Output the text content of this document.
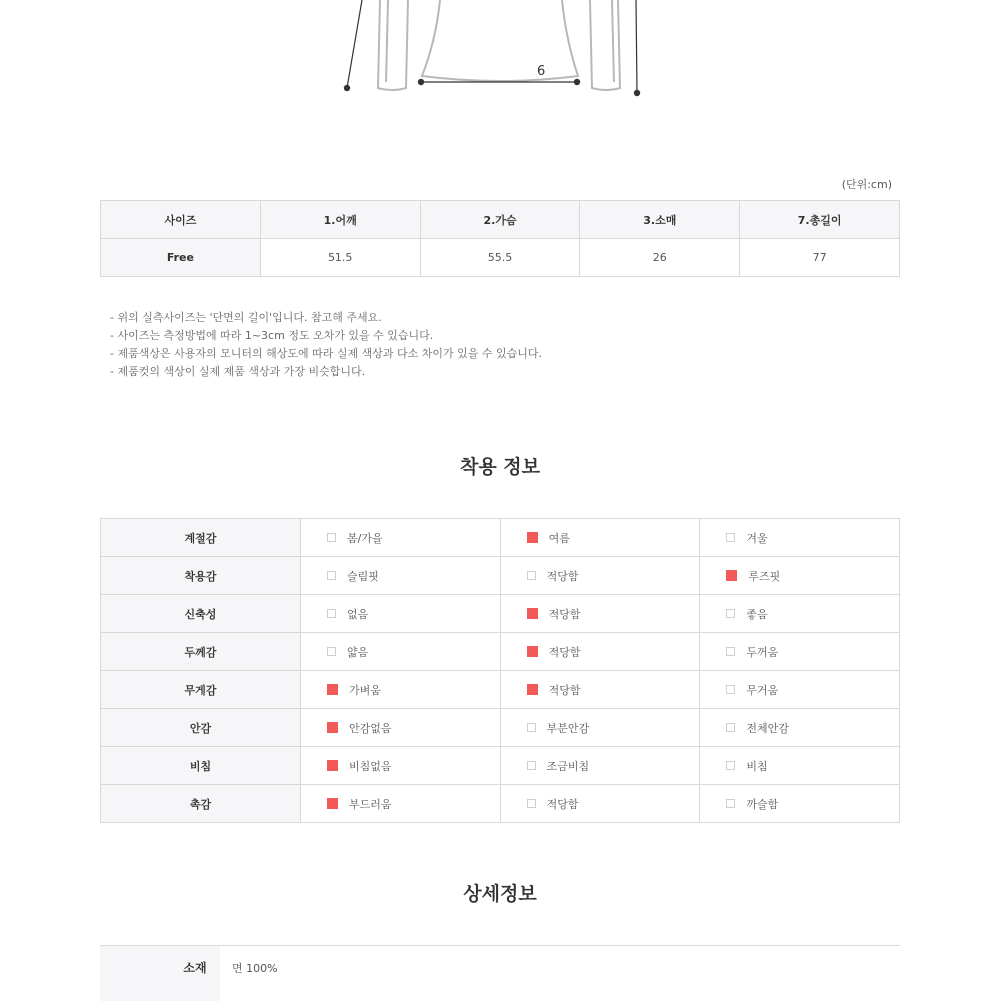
6
(단위:cm)
사이즈	1.어깨	2.가슴	3.소매	7.총길이
Free	51.5	55.5	26	77
- 위의 실측사이즈는 '단면의 길이'입니다. 참고해 주세요.
- 사이즈는 측정방법에 따라 1~3cm 정도 오차가 있을 수 있습니다.
- 제품색상은 사용자의 모니터의 해상도에 따라 실제 색상과 다소 차이가 있을 수 있습니다.
- 제품컷의 색상이 실제 제품 색상과 가장 비슷합니다.
착용 정보
계절감	봄/가을	여름	겨울

착용감	슬림핏	적당함	루즈핏

신축성	없음	적당함	좋음

두께감	얇음	적당함	두꺼움

무게감	가벼움	적당함	무거움

안감	안감없음	부분안감	전체안감

비침	비침없음	조금비침	비침

촉감	부드러움	적당함	까슬함
상세정보
소재	면 100%
